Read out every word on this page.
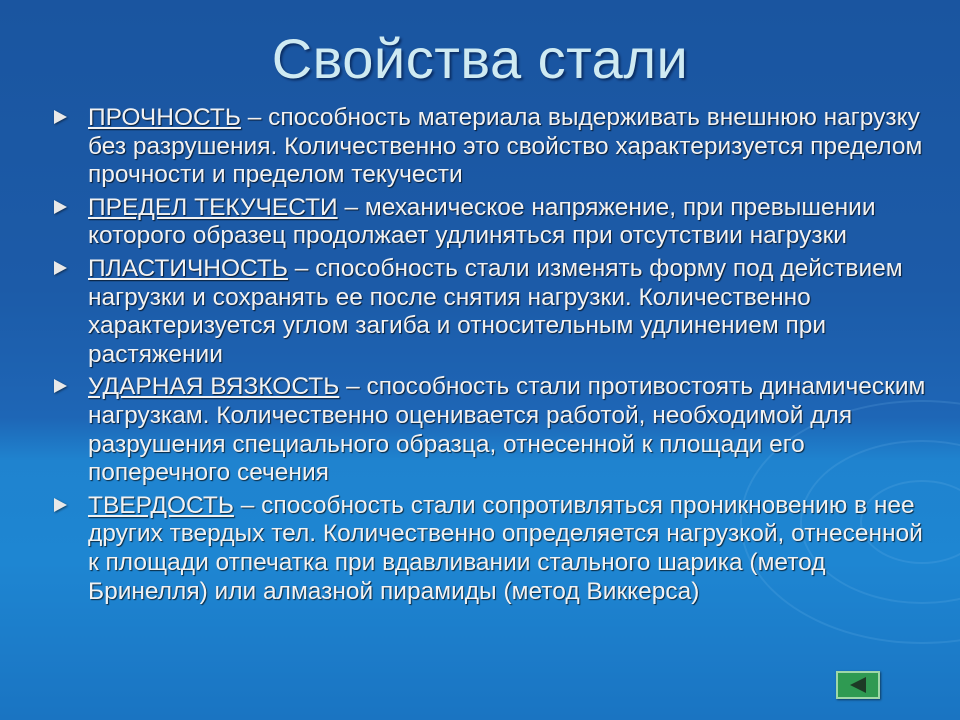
Свойства стали
ПРОЧНОСТЬ – способность материала выдерживать внешнюю нагрузку без разрушения. Количественно это свойство характеризуется пределом прочности и пределом текучести
ПРЕДЕЛ ТЕКУЧЕСТИ – механическое напряжение, при превышении которого образец продолжает удлиняться при отсутствии нагрузки
ПЛАСТИЧНОСТЬ – способность стали изменять форму под действием нагрузки и сохранять ее после снятия нагрузки. Количественно характеризуется углом загиба и относительным удлинением при растяжении
УДАРНАЯ ВЯЗКОСТЬ – способность стали противостоять динамическим нагрузкам. Количественно оценивается работой, необходимой для разрушения специального образца, отнесенной к площади его поперечного сечения
ТВЕРДОСТЬ – способность стали сопротивляться проникновению в нее других твердых тел. Количественно определяется нагрузкой, отнесенной к площади отпечатка при вдавливании стального шарика (метод Бринелля) или алмазной пирамиды (метод Виккерса)
